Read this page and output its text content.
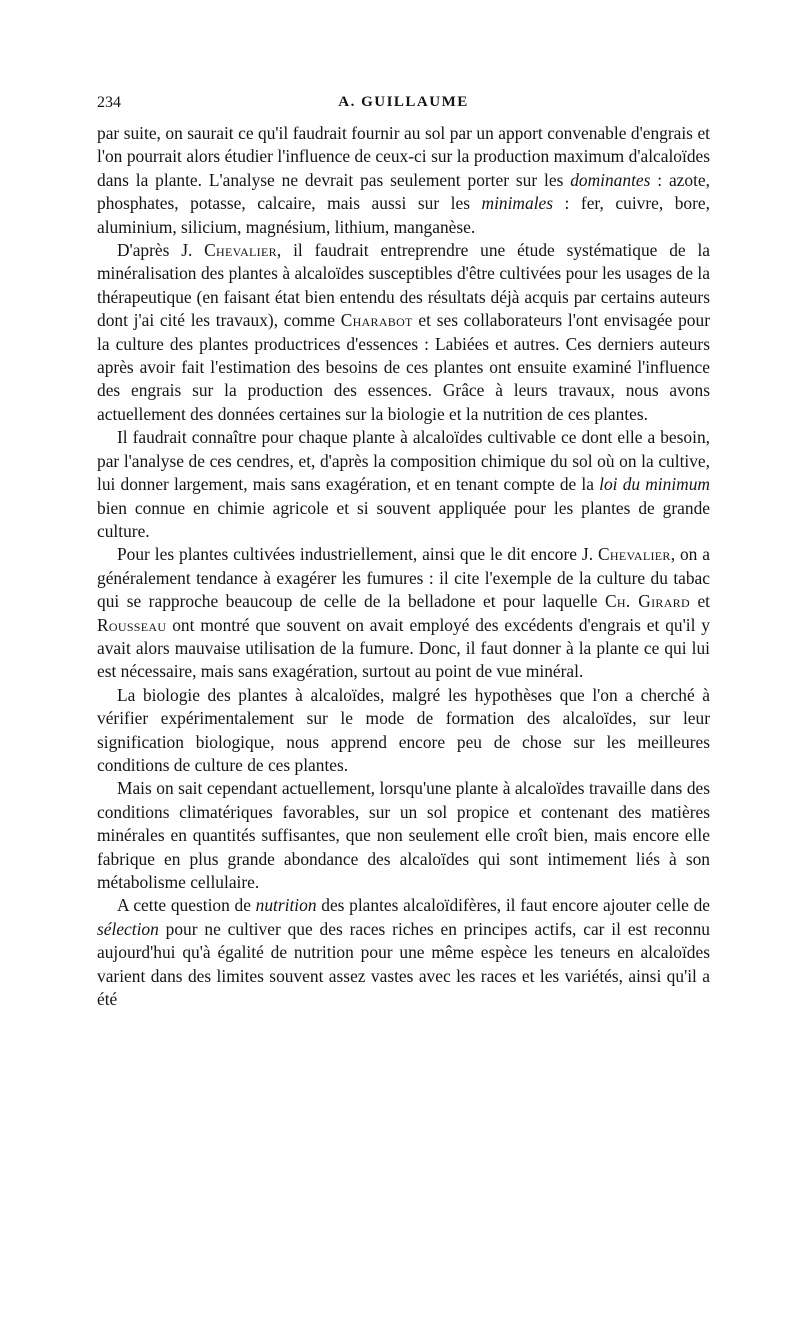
234	A. GUILLAUME

par suite, on saurait ce qu'il faudrait fournir au sol par un apport convenable d'engrais et l'on pourrait alors étudier l'influence de ceux-ci sur la production maximum d'alcaloïdes dans la plante. L'analyse ne devrait pas seulement porter sur les dominantes : azote, phosphates, potasse, calcaire, mais aussi sur les minimales : fer, cuivre, bore, aluminium, silicium, magnésium, lithium, manganèse.

D'après J. Chevalier, il faudrait entreprendre une étude systématique de la minéralisation des plantes à alcaloïdes susceptibles d'être cultivées pour les usages de la thérapeutique (en faisant état bien entendu des résultats déjà acquis par certains auteurs dont j'ai cité les travaux), comme Charabot et ses collaborateurs l'ont envisagée pour la culture des plantes productrices d'essences : Labiées et autres. Ces derniers auteurs après avoir fait l'estimation des besoins de ces plantes ont ensuite examiné l'influence des engrais sur la production des essences. Grâce à leurs travaux, nous avons actuellement des données certaines sur la biologie et la nutrition de ces plantes.

Il faudrait connaître pour chaque plante à alcaloïdes cultivable ce dont elle a besoin, par l'analyse de ces cendres, et, d'après la composition chimique du sol où on la cultive, lui donner largement, mais sans exagération, et en tenant compte de la loi du minimum bien connue en chimie agricole et si souvent appliquée pour les plantes de grande culture.

Pour les plantes cultivées industriellement, ainsi que le dit encore J. Chevalier, on a généralement tendance à exagérer les fumures : il cite l'exemple de la culture du tabac qui se rapproche beaucoup de celle de la belladone et pour laquelle Ch. Girard et Rousseau ont montré que souvent on avait employé des excédents d'engrais et qu'il y avait alors mauvaise utilisation de la fumure. Donc, il faut donner à la plante ce qui lui est nécessaire, mais sans exagération, surtout au point de vue minéral.

La biologie des plantes à alcaloïdes, malgré les hypothèses que l'on a cherché à vérifier expérimentalement sur le mode de formation des alcaloïdes, sur leur signification biologique, nous apprend encore peu de chose sur les meilleures conditions de culture de ces plantes.

Mais on sait cependant actuellement, lorsqu'une plante à alcaloïdes travaille dans des conditions climatériques favorables, sur un sol propice et contenant des matières minérales en quantités suffisantes, que non seulement elle croît bien, mais encore elle fabrique en plus grande abondance des alcaloïdes qui sont intimement liés à son métabolisme cellulaire.

A cette question de nutrition des plantes alcaloïdifères, il faut encore ajouter celle de sélection pour ne cultiver que des races riches en principes actifs, car il est reconnu aujourd'hui qu'à égalité de nutrition pour une même espèce les teneurs en alcaloïdes varient dans des limites souvent assez vastes avec les races et les variétés, ainsi qu'il a été
